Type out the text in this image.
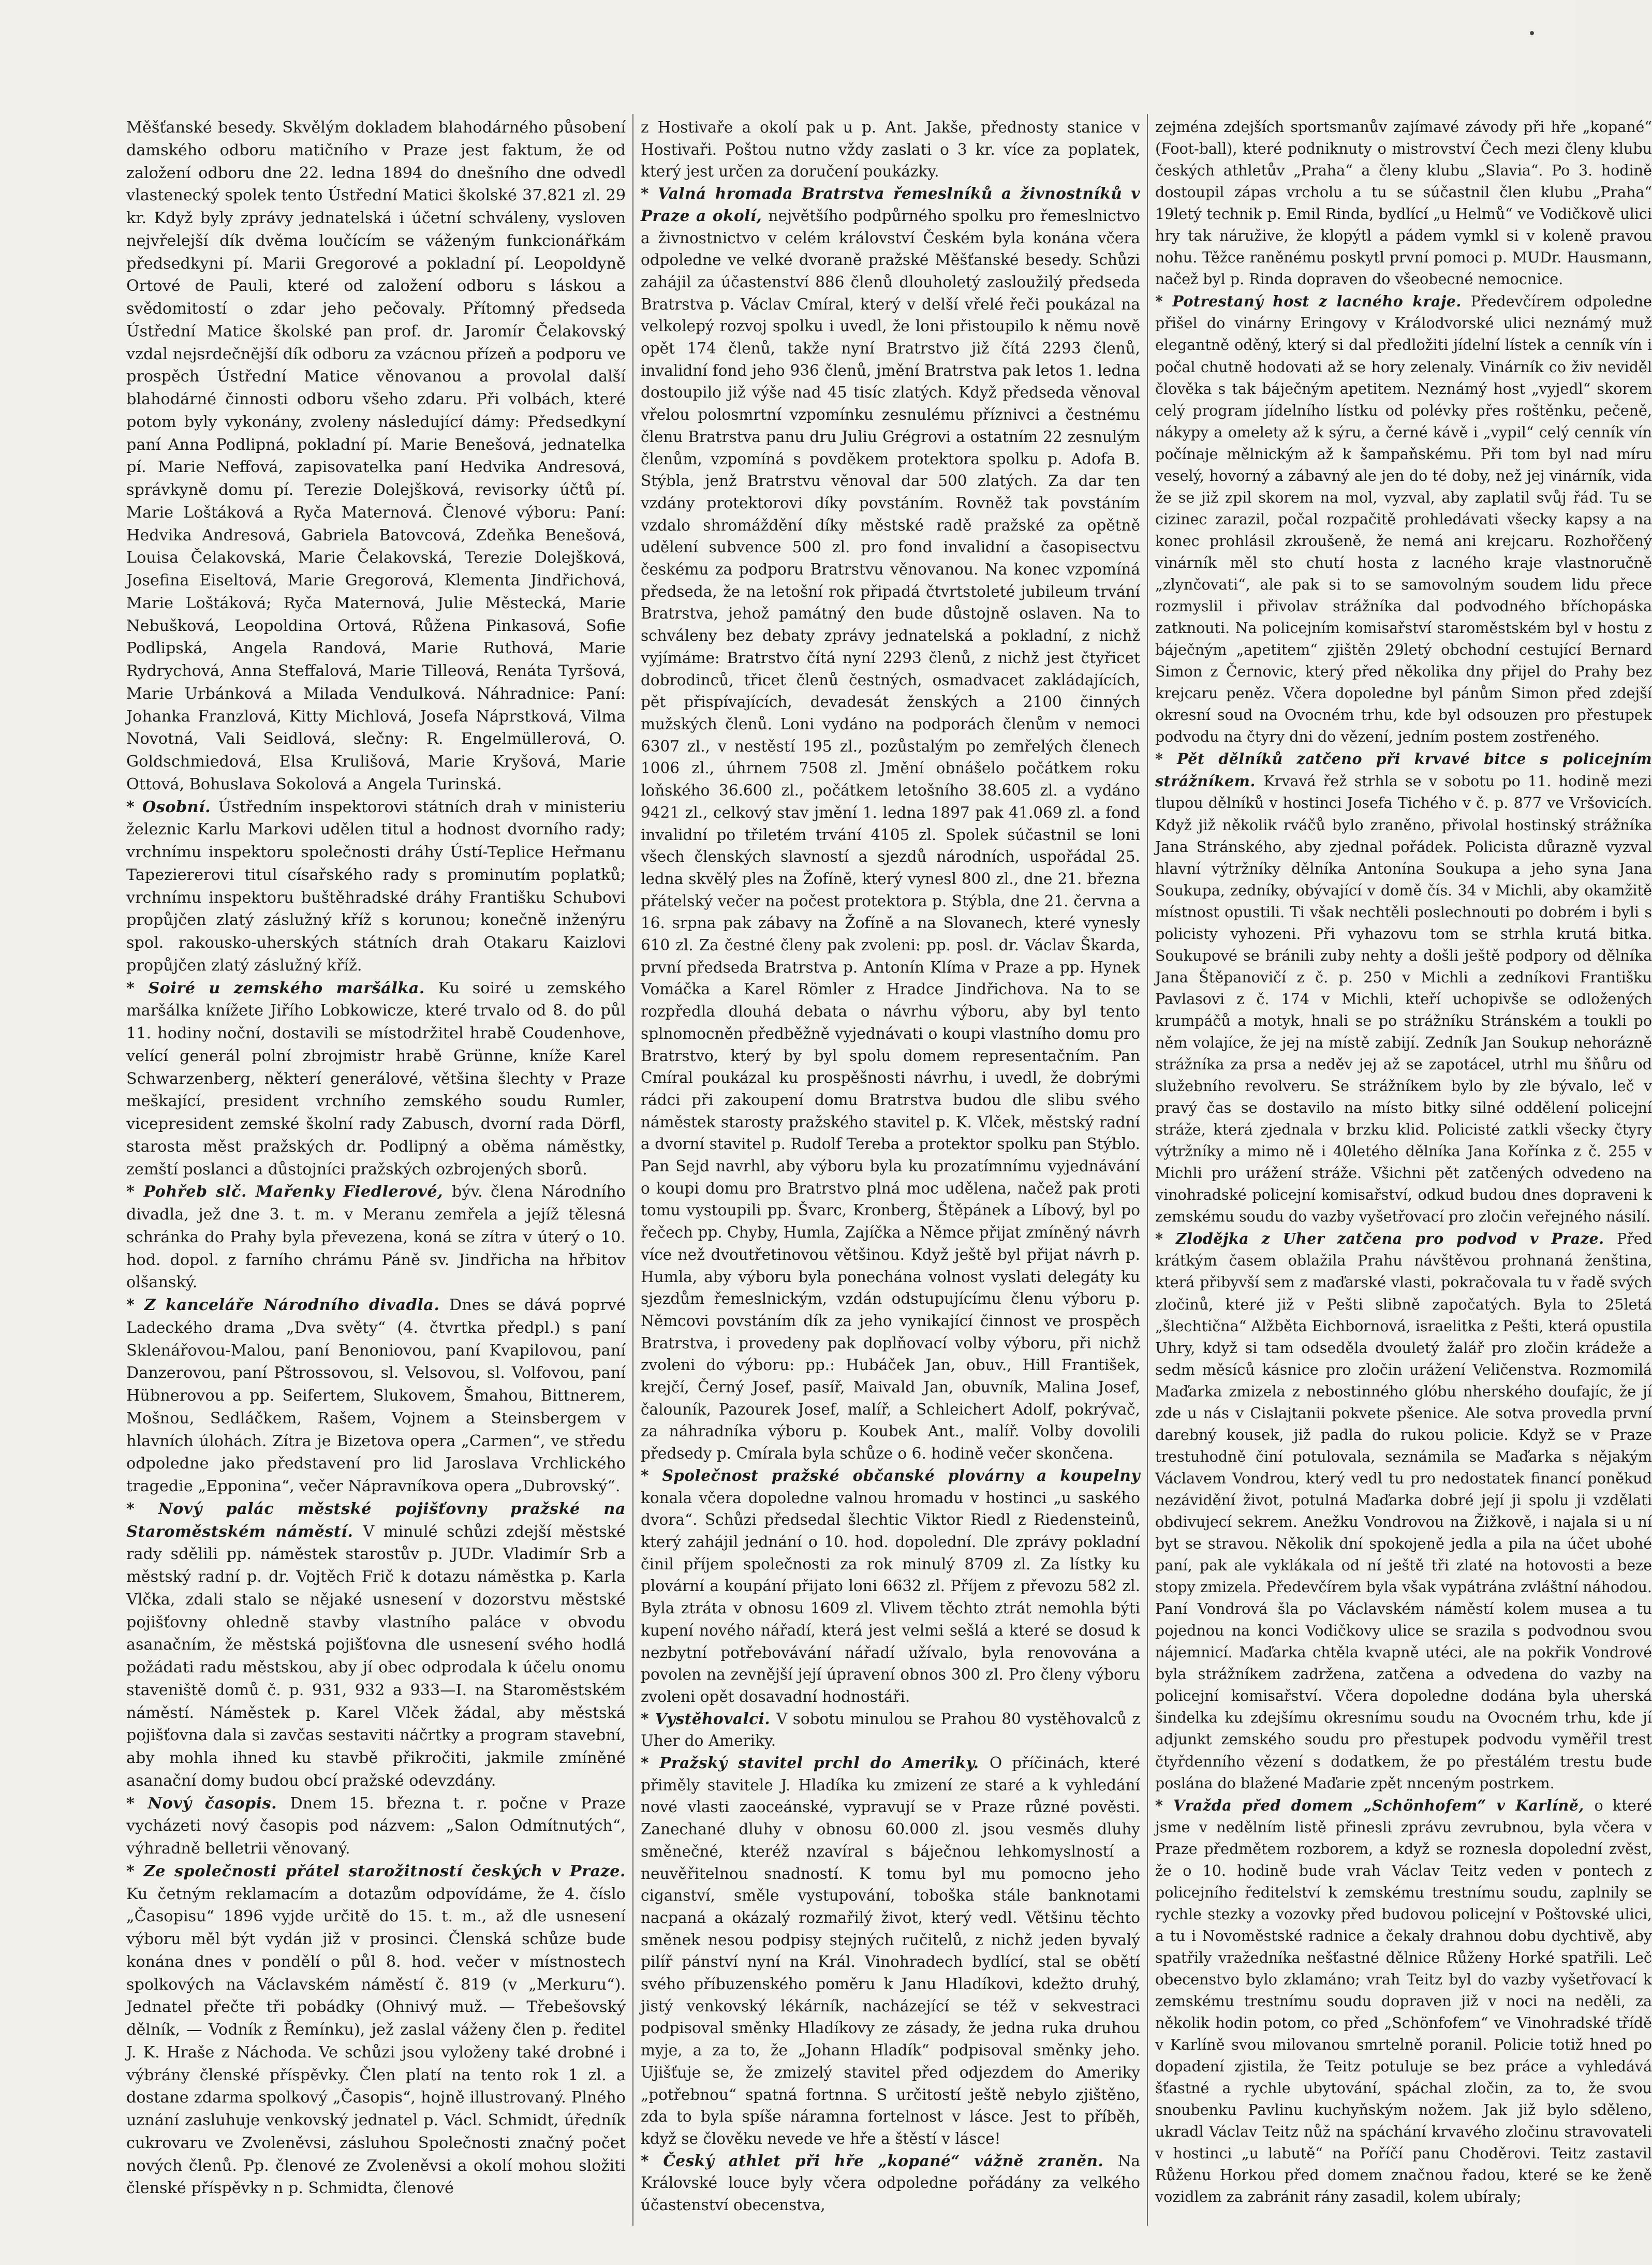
Měšťanské besedy. Skvělým dokladem blahodárného působení damského odboru matičního v Praze jest faktum, že od založení odboru dne 22. ledna 1894 do dnešního dne odvedl vlastenecký spolek tento Ústřední Matici školské 37.821 zl. 29 kr. Když byly zprávy jednatelská i účetní schváleny, vysloven nejvřelejší dík dvěma loučícím se váženým funkcionářkám předsedkyni pí. Marii Gregorové a pokladní pí. Leopoldyně Ortové de Pauli, které od založení odboru s láskou a svědomitostí o zdar jeho pečovaly. Přítomný předseda Ústřední Matice školské pan prof. dr. Jaromír Čelakovský vzdal nejsrdečnější dík odboru za vzácnou přízeň a podporu ve prospěch Ústřední Matice věnovanou a provolal další blahodárné činnosti odboru všeho zdaru. Při volbách, které potom byly vykonány, zvoleny následující dámy: Předsedkyní paní Anna Podlipná, pokladní pí. Marie Benešová, jednatelka pí. Marie Neffová, zapisovatelka paní Hedvika Andresová, správkyně domu pí. Terezie Dolejšková, revisorky účtů pí. Marie Loštáková a Ryča Maternová. Členové výboru: Paní: Hedvika Andresová, Gabriela Batovcová, Zdeňka Benešová, Louisa Čelakovská, Marie Čelakovská, Terezie Dolejšková, Josefina Eiseltová, Marie Gregorová, Klementa Jindřichová, Marie Loštáková; Ryča Maternová, Julie Městecká, Marie Nebušková, Leopoldina Ortová, Růžena Pinkasová, Sofie Podlipská, Angela Randová, Marie Ruthová, Marie Rydrychová, Anna Steffalová, Marie Tilleová, Renáta Tyršová, Marie Urbánková a Milada Vendulková. Náhradnice: Paní: Johanka Franzlová, Kitty Michlová, Josefa Náprstková, Vilma Novotná, Vali Seidlová, slečny: R. Engelmüllerová, O. Goldschmiedová, Elsa Krulišová, Marie Kryšová, Marie Ottová, Bohuslava Sokolová a Angela Turinská.

* Osobní. Ústředním inspektorovi státních drah v ministeriu železnic Karlu Markovi udělen titul a hodnost dvorního rady; vrchnímu inspektoru společnosti dráhy Ústí-Teplice Heřmanu Tapeziererovi titul císařského rady s prominutím poplatků; vrchnímu inspektoru buštěhradské dráhy Františku Schubovi propůjčen zlatý záslužný kříž s korunou; konečně inženýru spol. rakousko-uherských státních drah Otakaru Kaizlovi propůjčen zlatý záslužný kříž.

* Soiré u zemského maršálka. Ku soiré u zemského maršálka knížete Jiřího Lobkowicze, které trvalo od 8. do půl 11. hodiny noční, dostavili se místodržitel hrabě Coudenhove, velící generál polní zbrojmistr hrabě Grünne, kníže Karel Schwarzenberg, některí generálové, většina šlechty v Praze meškající, president vrchního zemského soudu Rumler, vicepresident zemské školní rady Zabusch, dvorní rada Dörfl, starosta měst pražských dr. Podlipný a oběma náměstky, zemští poslanci a důstojníci pražských ozbrojených sborů.

* Pohřeb slč. Mařenky Fiedlerové, býv. člena Národního divadla, jež dne 3. t. m. v Meranu zemřela a jejíž tělesná schránka do Prahy byla převezena, koná se zítra v úterý o 10. hod. dopol. z farního chrámu Páně sv. Jindřicha na hřbitov olšanský.

* Z kanceláře Národního divadla. Dnes se dává poprvé Ladeckého drama „Dva světy“ (4. čtvrtka předpl.) s paní Sklenářovou-Malou, paní Benoniovou, paní Kvapilovou, paní Danzerovou, paní Pštrossovou, sl. Velsovou, sl. Volfovou, paní Hübnerovou a pp. Seifertem, Slukovem, Šmahou, Bittnerem, Mošnou, Sedláčkem, Rašem, Vojnem a Steinsbergem v hlavních úlohách. Zítra je Bizetova opera „Carmen“, ve středu odpoledne jako představení pro lid Jaroslava Vrchlického tragedie „Epponina“, večer Nápravníkova opera „Dubrovský“.

* Nový palác městské pojišťovny pražské na Staroměstském náměstí. V minulé schůzi zdejší městské rady sdělili pp. náměstek starostův p. JUDr. Vladimír Srb a městský radní p. dr. Vojtěch Frič k dotazu náměstka p. Karla Vlčka, zdali stalo se nějaké usnesení v dozorstvu městské pojišťovny ohledně stavby vlastního paláce v obvodu asanačním, že městská pojišťovna dle usnesení svého hodlá požádati radu městskou, aby jí obec odprodala k účelu onomu staveniště domů č. p. 931, 932 a 933—I. na Staroměstském náměstí. Náměstek p. Karel Vlček žádal, aby městská pojišťovna dala si zavčas sestaviti náčrtky a program stavební, aby mohla ihned ku stavbě přikročiti, jakmile zmíněné asanační domy budou obcí pražské odevzdány.

* Nový časopis. Dnem 15. března t. r. počne v Praze vycházeti nový časopis pod názvem: „Salon Odmítnutých“, výhradně belletrii věnovaný.

* Ze společnosti přátel starožitností českých v Praze.Ku četným reklamacím a dotazům odpovídáme, že 4. číslo „Časopisu“ 1896 vyjde určitě do 15. t. m., až dle usnesení výboru měl být vydán již v prosinci. Členská schůze bude konána dnes v pondělí o půl 8. hod. večer v místnostech spolkových na Václavském náměstí č. 819 (v „Merkuru“). Jednatel přečte tři pobádky (Ohnivý muž. — Třebešovský dělník, — Vodník z Řemínku), jež zaslal váženy člen p. ředitel J. K. Hraše z Náchoda. Ve schůzi jsou vyloženy také drobné i výbrány členské příspěvky. Člen platí na tento rok 1 zl. a dostane zdarma spolkový „Časopis“, hojně illustrovaný. Plného uznání zasluhuje venkovský jednatel p. Václ. Schmidt, úředník cukrovaru ve Zvoleněvsi, zásluhou Společnosti značný počet nových členů. Pp. členové ze Zvoleněvsi a okolí mohou složiti členské příspěvky n p. Schmidta, členové

z Hostivaře a okolí pak u p. Ant. Jakše, přednosty stanice v Hostivaři. Poštou nutno vždy zaslati o 3 kr. více za poplatek, který jest určen za doručení poukázky.

* Valná hromada Bratrstva řemeslníků a živnostníků v Praze a okolí, největšího podpůrného spolku pro řemeslnictvo a živnostnictvo v celém království Českém byla konána včera odpoledne ve velké dvoraně pražské Měšťanské besedy. Schůzi zahájil za účastenství 886 členů dlouholetý zasloužilý předseda Bratrstva p. Václav Cmíral, který v delší vřelé řeči poukázal na velkolepý rozvoj spolku i uvedl, že loni přistoupilo k němu nově opět 174 členů, takže nyní Bratrstvo již čítá 2293 členů, invalidní fond jeho 936 členů, jmění Bratrstva pak letos 1. ledna dostoupilo již výše nad 45 tisíc zlatých. Když předseda věnoval vřelou polosmrtní vzpomínku zesnulému příznivci a čestnému členu Bratrstva panu dru Juliu Grégrovi a ostatním 22 zesnulým členům, vzpomíná s povděkem protektora spolku p. Adofa B. Stýbla, jenž Bratrstvu věnoval dar 500 zlatých. Za dar ten vzdány protektorovi díky povstáním. Rovněž tak povstáním vzdalo shromáždění díky městské radě pražské za opětně udělení subvence 500 zl. pro fond invalidní a časopisectvu českému za podporu Bratrstvu věnovanou. Na konec vzpomíná předseda, že na letošní rok připadá čtvrtstoleté jubileum trvání Bratrstva, jehož památný den bude důstojně oslaven. Na to schváleny bez debaty zprávy jednatelská a pokladní, z nichž vyjímáme: Bratrstvo čítá nyní 2293 členů, z nichž jest čtyřicet dobrodinců, třicet členů čestných, osmadvacet zakládajících, pět přispívajících, devadesát ženských a 2100 činných mužských členů. Loni vydáno na podporách členům v nemoci 6307 zl., v nestěstí 195 zl., pozůstalým po zemřelých členech 1006 zl., úhrnem 7508 zl. Jmění obnášelo počátkem roku loňského 36.600 zl., počátkem letošního 38.605 zl. a vydáno 9421 zl., celkový stav jmění 1. ledna 1897 pak 41.069 zl. a fond invalidní po třiletém trvání 4105 zl. Spolek súčastnil se loni všech členských slavností a sjezdů národních, uspořádal 25. ledna skvělý ples na Žofíně, který vynesl 800 zl., dne 21. března přátelský večer na počest protektora p. Stýbla, dne 21. června a 16. srpna pak zábavy na Žofíně a na Slovanech, které vynesly 610 zl. Za čestné členy pak zvoleni: pp. posl. dr. Václav Škarda, první předseda Bratrstva p. Antonín Klíma v Praze a pp. Hynek Vomáčka a Karel Römler z Hradce Jindřichova. Na to se rozpředla dlouhá debata o návrhu výboru, aby byl tento splnomocněn předběžně vyjednávati o koupi vlastního domu pro Bratrstvo, který by byl spolu domem representačním. Pan Cmíral poukázal ku prospěšnosti návrhu, i uvedl, že dobrými rádci při zakoupení domu Bratrstva budou dle slibu svého náměstek starosty pražského stavitel p. K. Vlček, městský radní a dvorní stavitel p. Rudolf Tereba a protektor spolku pan Stýblo. Pan Sejd navrhl, aby výboru byla ku prozatímnímu vyjednávání o koupi domu pro Bratrstvo plná moc udělena, načež pak proti tomu vystoupili pp. Švarc, Kronberg, Štěpánek a Líbový, byl po řečech pp. Chyby, Humla, Zajíčka a Němce přijat zmíněný návrh více než dvoutřetinovou většinou. Když ještě byl přijat návrh p. Humla, aby výboru byla ponechána volnost vyslati delegáty ku sjezdům řemeslnickým, vzdán odstupujícímu členu výboru p. Němcovi povstáním dík za jeho vynikající činnost ve prospěch Bratrstva, i provedeny pak doplňovací volby výboru, při nichž zvoleni do výboru: pp.: Hubáček Jan, obuv., Hill František, krejčí, Černý Josef, pasíř, Maivald Jan, obuvník, Malina Josef, čalouník, Pazourek Josef, malíř, a Schleichert Adolf, pokrývač, za náhradníka výboru p. Koubek Ant., malíř. Volby dovolili předsedy p. Cmírala byla schůze o 6. hodině večer skončena.

* Společnost pražské občanské plovárny a koupelnykonala včera dopoledne valnou hromadu v hostinci „u saského dvora“. Schůzi předsedal šlechtic Viktor Riedl z Riedensteinů, který zahájil jednání o 10. hod. dopolední. Dle zprávy pokladní činil příjem společnosti za rok minulý 8709 zl. Za lístky ku plovární a koupání přijato loni 6632 zl. Příjem z převozu 582 zl. Byla ztráta v obnosu 1609 zl. Vlivem těchto ztrát nemohla býti kupení nového nářadí, která jest velmi sešlá a které se dosud k nezbytní potřebovávání nářadí užívalo, byla renovována a povolen na zevnější její úpravení obnos 300 zl. Pro členy výboru zvoleni opět dosavadní hodnostáři.

* Vystěhovalci. V sobotu minulou se Prahou 80 vystěhovalců z Uher do Ameriky.

* Pražský stavitel prchl do Ameriky. O příčinách, které přiměly stavitele J. Hladíka ku zmizení ze staré a k vyhledání nové vlasti zaoceánské, vypravují se v Praze různé pověsti. Zanechané dluhy v obnosu 60.000 zl. jsou vesměs dluhy směnečné, kteréž nzavíral s báječnou lehkomyslností a neuvěřitelnou snadností. K tomu byl mu pomocno jeho ciganství, směle vystupování, toboška stále banknotami nacpaná a okázalý rozmařilý život, který vedl. Většinu těchto směnek nesou podpisy stejných ručitelů, z nichž jeden byvalý pilíř pánství nyní na Král. Vinohradech bydlící, stal se obětí svého příbuzenského poměru k Janu Hladíkovi, kdežto druhý, jistý venkovský lékárník, nacházející se též v sekvestraci podpisoval směnky Hladíkovy ze zásady, že jedna ruka druhou myje, a za to, že „Johann Hladík“ podpisoval směnky jeho. Ujišťuje se, že zmizelý stavitel před odjezdem do Ameriky „potřebnou“ spatná fortnna. S určitostí ještě nebylo zjištěno, zda to byla spíše náramna fortelnost v lásce. Jest to příběh, když se člověku nevede ve hře a štěstí v lásce!

* Český athlet při hře „kopané“ vážně zraněn. Na Královské louce byly včera odpoledne pořádány za velkého účastenství obecenstva,

zejména zdejších sportsmanův zajímavé závody při hře „kopané“ (Foot-ball), které podniknuty o mistrovství Čech mezi členy klubu českých athletův „Praha“ a členy klubu „Slavia“. Po 3. hodině dostoupil zápas vrcholu a tu se súčastnil člen klubu „Praha“ 19letý technik p. Emil Rinda, bydlící „u Helmů“ ve Vodičkově ulici hry tak náružive, že klopýtl a pádem vymkl si v koleně pravou nohu. Těžce raněnému poskytl první pomoci p. MUDr. Hausmann, načež byl p. Rinda dopraven do všeobecné nemocnice.

* Potrestaný host z lacného kraje. Předevčírem odpoledne přišel do vinárny Eringovy v Králodvorské ulici neznámý muž elegantně oděný, který si dal předložiti jídelní lístek a cenník vín i počal chutně hodovati až se hory zelenaly. Vinárník co živ neviděl člověka s tak báječným apetitem. Neznámý host „vyjedl“ skorem celý program jídelního lístku od polévky přes roštěnku, pečeně, nákypy a omelety až k sýru, a černé kávě i „vypil“ celý cenník vín počínaje mělnickým až k šampaňskému. Při tom byl nad míru veselý, hovorný a zábavný ale jen do té doby, než jej vinárník, vida že se již zpil skorem na mol, vyzval, aby zaplatil svůj řád. Tu se cizinec zarazil, počal rozpačitě prohledávati všecky kapsy a na konec prohlásil zkroušeně, že nemá ani krejcaru. Rozhořčený vinárník měl sto chutí hosta z lacného kraje vlastnoručně „zlynčovati“, ale pak si to se samovolným soudem lidu přece rozmyslil i přivolav strážníka dal podvodného bříchopáska zatknouti. Na policejním komisařství staroměstském byl v hostu z báječným „apetitem“ zjištěn 29letý obchodní cestující Bernard Simon z Černovic, který před několika dny přijel do Prahy bez krejcaru peněz. Včera dopoledne byl pánům Simon před zdejší okresní soud na Ovocném trhu, kde byl odsouzen pro přestupek podvodu na čtyry dni do vězení, jedním postem zostřeného.

* Pět dělníků zatčeno při krvavé bitce s policejním strážníkem. Krvavá řež strhla se v sobotu po 11. hodině mezi tlupou dělníků v hostinci Josefa Tichého v č. p. 877 ve Vršovicích. Když již několik rváčů bylo zraněno, přivolal hostinský strážníka Jana Stránského, aby zjednal pořádek. Policista důrazně vyzval hlavní výtržníky dělníka Antonína Soukupa a jeho syna Jana Soukupa, zedníky, obývající v domě čís. 34 v Michli, aby okamžitě místnost opustili. Ti však nechtěli poslechnouti po dobrém i byli s policisty vyhozeni. Při vyhazovu tom se strhla krutá bitka. Soukupové se bránili zuby nehty a došli ještě podpory od dělníka Jana Štěpanovičí z č. p. 250 v Michli a zedníkovi Františku Pavlasovi z č. 174 v Michli, kteří uchopivše se odložených krumpáčů a motyk, hnali se po strážníku Stránském a toukli po něm volajíce, že jej na místě zabijí. Zedník Jan Soukup nehorázně strážníka za prsa a neděv jej až se zapotácel, utrhl mu šňůru od služebního revolveru. Se strážníkem bylo by zle bývalo, leč v pravý čas se dostavilo na místo bitky silné oddělení policejní stráže, která zjednala v brzku klid. Policisté zatkli všecky čtyry výtržníky a mimo ně i 40letého dělníka Jana Kořínka z č. 255 v Michli pro urážení stráže. Všichni pět zatčených odvedeno na vinohradské policejní komisařství, odkud budou dnes dopraveni k zemskému soudu do vazby vyšetřovací pro zločin veřejného násilí.

* Zlodějka z Uher zatčena pro podvod v Praze. Před krátkým časem oblažila Prahu návštěvou prohnaná ženština, která přibyvší sem z maďarské vlasti, pokračovala tu v řadě svých zločinů, které již v Pešti slibně započatých. Byla to 25letá „šlechtična“ Alžběta Eichbornová, israelitka z Pešti, která opustila Uhry, když si tam odseděla dvouletý žalář pro zločin krádeže a sedm měsíců kásnice pro zločin urážení Veličenstva. Rozmomilá Maďarka zmizela z nebostinného glóbu nherského doufajíc, že jí zde u nás v Cislajtanii pokvete pšenice. Ale sotva provedla první darebný kousek, již padla do rukou policie. Když se v Praze trestuhodně činí potulovala, seznámila se Maďarka s nějakým Václavem Vondrou, který vedl tu pro nedostatek financí poněkud nezávidění život, potulná Maďarka dobré její ji spolu ji vzdělati obdivujecí sekrem. Anežku Vondrovou na Žižkově, i najala si u ní byt se stravou. Několik dní spokojeně jedla a pila na účet ubohé paní, pak ale vyklákala od ní ještě tři zlaté na hotovosti a beze stopy zmizela. Předevčírem byla však vypátrána zvláštní náhodou. Paní Vondrová šla po Václavském náměstí kolem musea a tu pojednou na konci Vodičkovy ulice se srazila s podvodnou svou nájemnicí. Maďarka chtěla kvapně utéci, ale na pokřik Vondrové byla strážníkem zadržena, zatčena a odvedena do vazby na policejní komisařství. Včera dopoledne dodána byla uherská šindelka ku zdejšímu okresnímu soudu na Ovocném trhu, kde jí adjunkt zemského soudu pro přestupek podvodu vyměřil trest čtyřdenního vězení s dodatkem, že po přestálém trestu bude poslána do blažené Maďarie zpět nnceným postrkem.

* Vražda před domem „Schönhofem“ v Karlíně, o které jsme v nedělním listě přinesli zprávu zevrubnou, byla včera v Praze předmětem rozborem, a když se roznesla dopolední zvěst, že o 10. hodině bude vrah Václav Teitz veden v pontech z policejního ředitelství k zemskému trestnímu soudu, zaplnily se rychle stezky a vozovky před budovou policejní v Poštovské ulici, a tu i Novoměstské radnice a čekaly drahnou dobu dychtivě, aby spatřily vražedníka nešťastné dělnice Růženy Horké spatřili. Leč obecenstvo bylo zklamáno; vrah Teitz byl do vazby vyšetřovací k zemskému trestnímu soudu dopraven již v noci na neděli, za několik hodin potom, co před „Schönfofem“ ve Vinohradské třídě v Karlíně svou milovanou smrtelně poranil. Policie totiž hned po dopadení zjistila, že Teitz potuluje se bez práce a vyhledává šťastné a rychle ubytování, spáchal zločin, za to, že svou snoubenku Pavlinu kuchyňským nožem. Jak již bylo sděleno, ukradl Václav Teitz nůž na spáchání krvavého zločinu stravovateli v hostinci „u labutě“ na Poříčí panu Choděrovi. Teitz zastavil Růženu Horkou před domem značnou řadou, které se ke ženě vozidlem za zabránit rány zasadil, kolem ubíraly;
